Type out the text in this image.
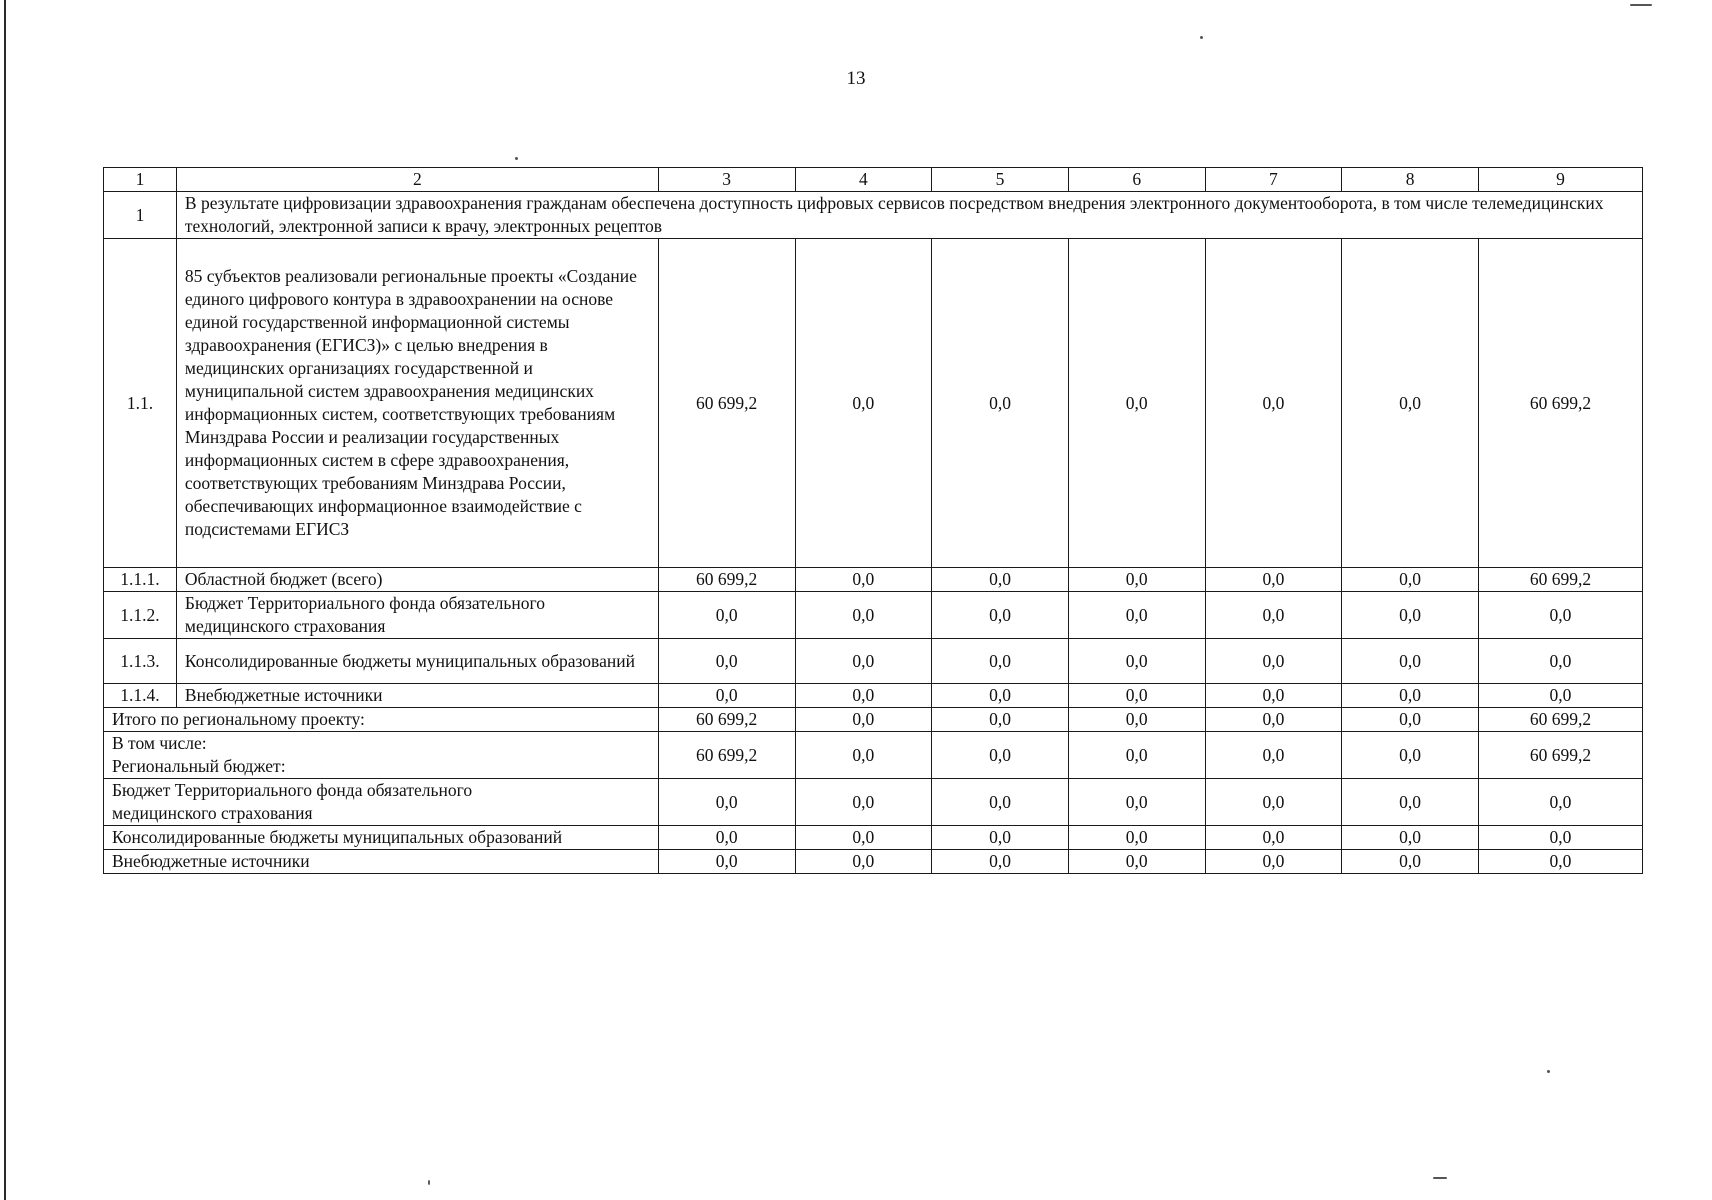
13
1	2	3	4	5	6	7	8	9
1	В результате цифровизации здравоохранения гражданам обеспечена доступность цифровых сервисов посредством внедрения электронного документооборота, в том числе телемедицинских технологий, электронной записи к врачу, электронных рецептов							
1.1.	85 субъектов реализовали региональные проекты «Создание единого цифрового контура в здравоохранении на основе единой государственной информационной системы здравоохранения (ЕГИСЗ)» с целью внедрения в медицинских организациях государственной и муниципальной систем здравоохранения медицинских информационных систем, соответствующих требованиям Минздрава России и реализации государственных информационных систем в сфере здравоохранения, соответствующих требованиям Минздрава России, обеспечивающих информационное взаимодействие с подсистемами ЕГИСЗ	60 699,2	0,0	0,0	0,0	0,0	0,0	60 699,2
1.1.1.	Областной бюджет (всего)	60 699,2	0,0	0,0	0,0	0,0	0,0	60 699,2
1.1.2.	Бюджет Территориального фонда обязательного медицинского страхования	0,0	0,0	0,0	0,0	0,0	0,0	0,0
1.1.3.	Консолидированные бюджеты муниципальных образований	0,0	0,0	0,0	0,0	0,0	0,0	0,0
1.1.4.	Внебюджетные источники	0,0	0,0	0,0	0,0	0,0	0,0	0,0
Итого по региональному проекту:		60 699,2	0,0	0,0	0,0	0,0	0,0	60 699,2

В том числе:
Региональный бюджет:		60 699,2	0,0	0,0	0,0	0,0	0,0	60 699,2
Бюджет Территориального фонда обязательного медицинского страхования		0,0	0,0	0,0	0,0	0,0	0,0	0,0
Консолидированные бюджеты муниципальных образований		0,0	0,0	0,0	0,0	0,0	0,0	0,0
Внебюджетные источники		0,0	0,0	0,0	0,0	0,0	0,0	0,0
